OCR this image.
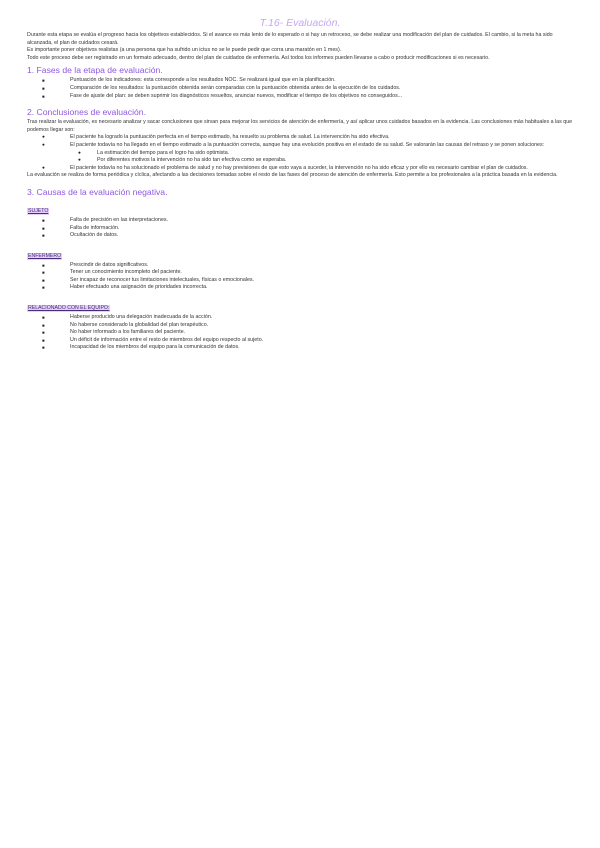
T.16- Evaluación.

Durante esta etapa se evalúa el progreso hacia los objetivos establecidos. Si el avance es más lento de lo esperado o si hay un retroceso, se debe realizar una modificación del plan de cuidados. El cambio, si la meta ha sido alcanzada, el plan de cuidados cesará.

Es importante poner objetivos realistas (a una persona que ha sufrido un ictus no se le puede pedir que corra una maratón en 1 mes).

Todo este proceso debe ser registrado en un formato adecuado, dentro del plan de cuidados de enfermería. Así todos los informes pueden llevarse a cabo o producir modificaciones si es necesario.

1. Fases de la etapa de evaluación.
■ Puntuación de los indicadores: esta corresponde a los resultados NOC. Se realizará igual que en la planificación.
■ Comparación de los resultados: la puntuación obtenida serán comparadas con la puntuación obtenida antes de la ejecución de los cuidados.
■ Fase de ajuste del plan: se deben suprimir los diagnósticos resueltos, anunciar nuevos, modificar el tiempo de los objetivos no conseguidos...
2. Conclusiones de evaluación.

Tras realizar la evaluación, es necesario analizar y sacar conclusiones que sirvan para mejorar los servicios de atención de enfermería, y así aplicar unos cuidados basados en la evidencia. Las conclusiones más habituales a las que podemos llegar son:

● El paciente ha logrado la puntuación perfecta en el tiempo estimado, ha resuelto su problema de salud. La intervención ha sido efectiva.
● El paciente todavía no ha llegado en el tiempo estimado a la puntuación correcta, aunque hay una evolución positiva en el estado de su salud. Se valorarán las causas del retraso y se ponen soluciones:
● La estimación del tiempo para el logro ha sido optimista.
● Por diferentes motivos la intervención no ha sido tan efectiva como se esperaba.
● El paciente todavía no ha solucionado el problema de salud y no hay previsiones de que esto vaya a suceder, la intervención no ha sido eficaz y por ello es necesario cambiar el plan de cuidados.

La evaluación se realiza de forma periódica y cíclica, afectando a las decisiones tomadas sobre el resto de las fases del proceso de atención de enfermería. Esto permite a los profesionales a la práctica basada en la evidencia.

3. Causas de la evaluación negativa.
SUJETO
■ Falta de precisión en las interpretaciones.
■ Falta de información.
■ Ocultación de datos.
ENFERMERO
■ Prescindir de datos significativos.
■ Tener un conocimiento incompleto del paciente.
■ Ser incapaz de reconocer tus limitaciones intelectuales, físicas o emocionales.
■ Haber efectuado una asignación de prioridades incorrecta.
RELACIONADO CON EL EQUIPO:
■ Haberse producido una delegación inadecuada de la acción.
■ No haberse considerado la globalidad del plan terapéutico.
■ No haber informado a los familiares del paciente.
■ Un déficit de información entre el resto de miembros del equipo respecto al sujeto.
■ Incapacidad de los miembros del equipo para la comunicación de datos.
